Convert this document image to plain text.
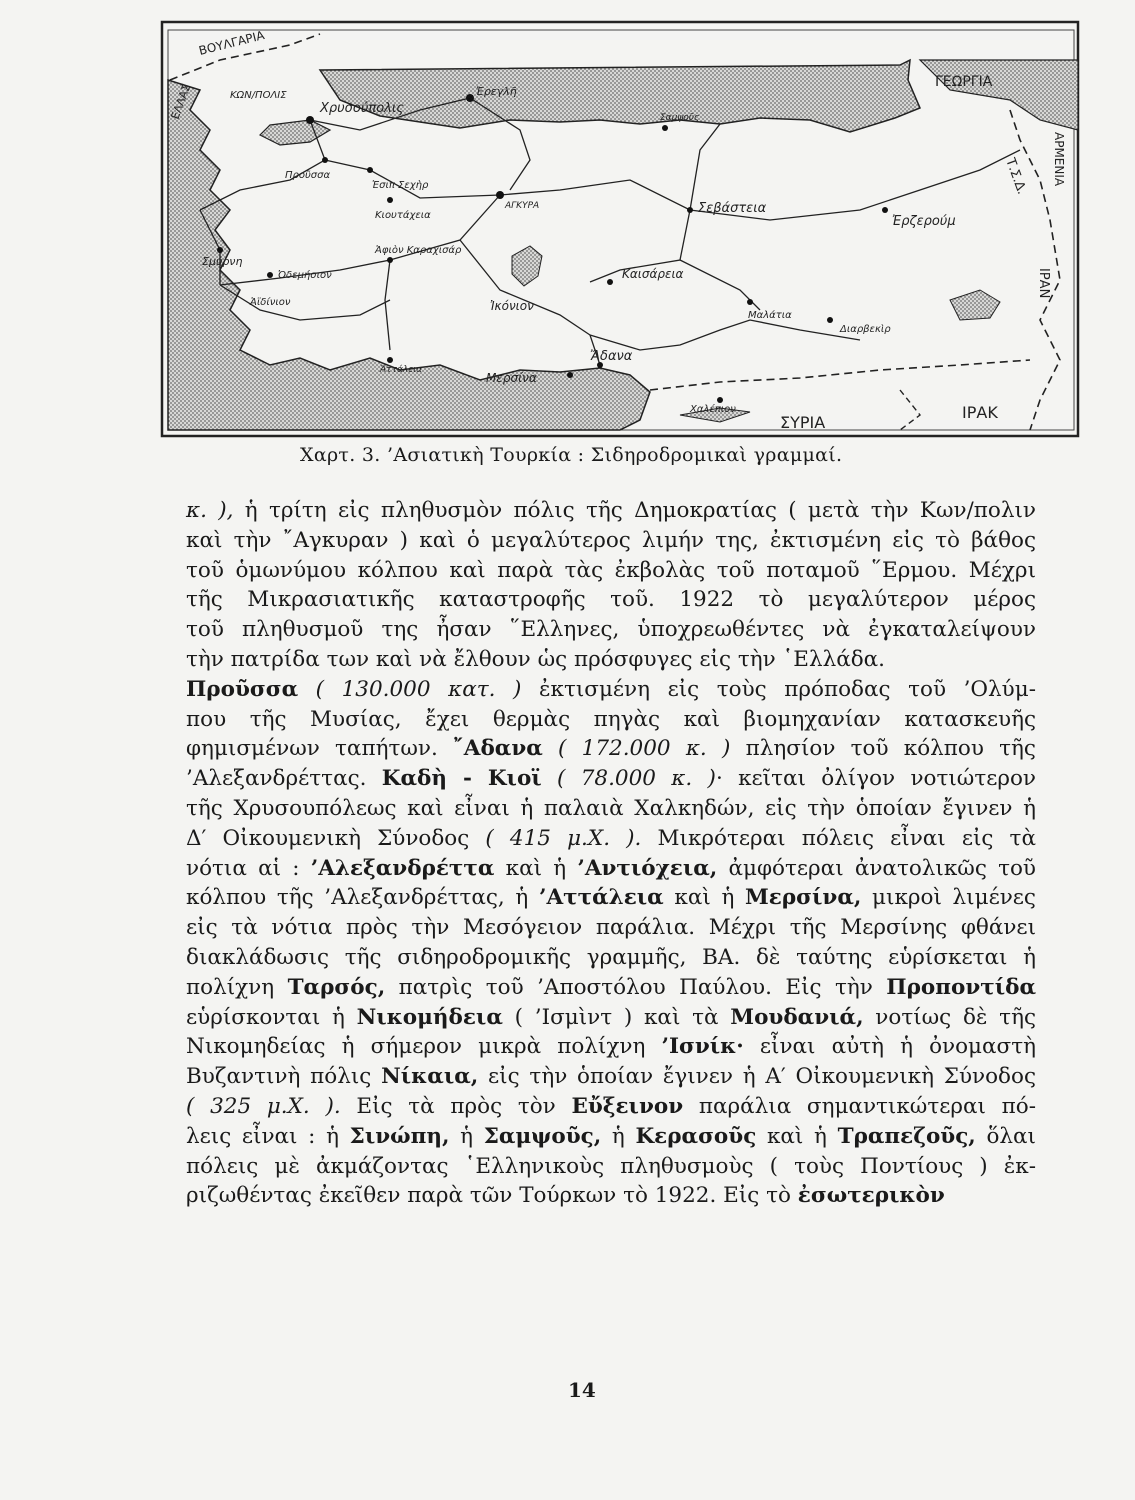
ΒΟΥΛΓΑΡΙΑ
ΕΛΛΑΣ
ΓΕΩΡΓΙΑ
ΑΡΜΕΝΙΑ
Τ.Σ.Δ.
ΙΡΑΝ
ΣΥΡΙΑ
ΙΡΑΚ
ΚΩΝ/ΠΟΛΙΣ
Χρυσούπολις
Ἐρεγλῆ
Σαμψοῦς
Προῦσσα
Ἐσιπ Σεχὴρ
ΑΓΚΥΡΑ
Κιουτάχεια
Σμύρνη
Ἀφιὸν Καραχισάρ
Ὀδεμήσιον
Ἀϊδίνιον	Ἰκόνιον
Σεβάστεια
Ἐρζερούμ
Καισάρεια
Μαλάτια
Διαρβεκὶρ
Ἄδανα
Μερσίνα
Ἀττάλεια
Χαλέπιον
Χαρτ. 3. ’Ασιατικὴ Τουρκία : Σιδηροδρομικαὶ γραμμαί.

κ. ), ἡ τρίτη εἰς πληθυσμὸν πόλις τῆς Δημοκρατίας ( μετὰ τὴν Κων/πολιν

καὶ τὴν ῎Αγκυραν ) καὶ ὁ μεγαλύτερος λιμήν της, ἐκτισμένη εἰς τὸ βάθος

τοῦ ὁμωνύμου κόλπου καὶ παρὰ τὰς ἐκβολὰς τοῦ ποταμοῦ ῞Ερμου. Μέχρι

τῆς Μικρασιατικῆς καταστροφῆς τοῦ. 1922 τὸ μεγαλύτερον μέρος

τοῦ πληθυσμοῦ της ἦσαν ῞Ελληνες, ὑποχρεωθέντες νὰ ἐγκαταλείψουν

τὴν πατρίδα των καὶ νὰ ἔλθουν ὡς πρόσφυγες εἰς τὴν ῾Ελλάδα.

Προῦσσα ( 130.000 κατ. ) ἐκτισμένη εἰς τοὺς πρόποδας τοῦ ’Ολύμ-

που τῆς Μυσίας, ἔχει θερμὰς πηγὰς καὶ βιομηχανίαν κατασκευῆς

φημισμένων ταπήτων. ῎Αδανα ( 172.000 κ. ) πλησίον τοῦ κόλπου τῆς

’Αλεξανδρέττας. Καδὴ - Κιοϊ ( 78.000 κ. )· κεῖται ὀλίγον νοτιώτερον

τῆς Χρυσουπόλεως καὶ εἶναι ἡ παλαιὰ Χαλκηδών, εἰς τὴν ὁποίαν ἔγινεν ἡ

Δ′ Οἰκουμενικὴ Σύνοδος ( 415 μ.Χ. ). Μικρότεραι πόλεις εἶναι εἰς τὰ

νότια αἱ : ’Αλεξανδρέττα καὶ ἡ ’Αντιόχεια, ἀμφότεραι ἀνατολικῶς τοῦ

κόλπου τῆς ’Αλεξανδρέττας, ἡ ’Αττάλεια καὶ ἡ Μερσίνα, μικροὶ λιμένες

εἰς τὰ νότια πρὸς τὴν Μεσόγειον παράλια. Μέχρι τῆς Μερσίνης φθάνει

διακλάδωσις τῆς σιδηροδρομικῆς γραμμῆς, ΒΑ. δὲ ταύτης εὑρίσκεται ἡ

πολίχνη Ταρσός, πατρὶς τοῦ ’Αποστόλου Παύλου. Εἰς τὴν Προποντίδα

εὑρίσκονται ἡ Νικομήδεια ( ’Ισμὶντ ) καὶ τὰ Μουδανιά, νοτίως δὲ τῆς

Νικομηδείας ἡ σήμερον μικρὰ πολίχνη ’Ισνίκ· εἶναι αὐτὴ ἡ ὀνομαστὴ

Βυζαντινὴ πόλις Νίκαια, εἰς τὴν ὁποίαν ἔγινεν ἡ Α′ Οἰκουμενικὴ Σύνοδος

( 325 μ.Χ. ). Εἰς τὰ πρὸς τὸν Εὔξεινον παράλια σημαντικώτεραι πό-

λεις εἶναι : ἡ Σινώπη, ἡ Σαμψοῦς, ἡ Κερασοῦς καὶ ἡ Τραπεζοῦς, ὅλαι

πόλεις μὲ ἀκμάζοντας ῾Ελληνικοὺς πληθυσμοὺς ( τοὺς Ποντίους ) ἐκ-

ριζωθέντας ἐκεῖθεν παρὰ τῶν Τούρκων τὸ 1922. Εἰς τὸ ἐσωτερικὸν

14
